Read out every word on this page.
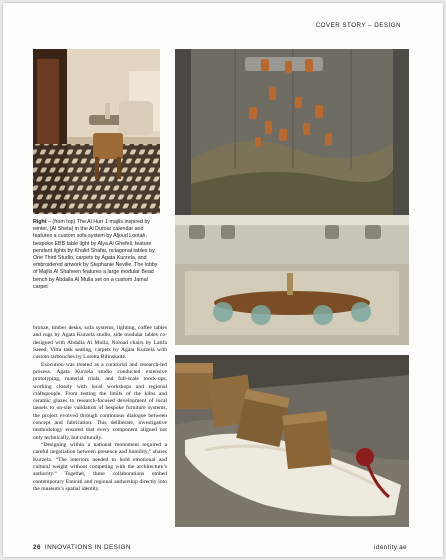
COVER STORY – DESIGN
Right – (from top) The Al Hurr 1 majlis inspired by winter, (Al Sheta) in the Al Durour calendar and features a custom sofa system by Aljoud Lootah, bespoke EBB table light by Alya Al Ghefeli, feature pendant lights by Khalid Shafar, octagonal tables by One Third Studio, carpets by Agata Kurzela, and embroidered artwork by Stephanie Neville. The lobby of Majlis Al Shaheen features a large modular Bead bench by Abdalla Al Mulla set on a custom Jamal carpet

bronze, timber desks, sofa systems, lighting, coffee tables and rugs by Agata Kurzela studio, side modular tables co-designed with Abdalla Al Mulla, Nomad chairs by Latifa Saeed, Vitra task seating, carpets by Agata Kurzela with custom tarbouches by Loretta Bilinskaite.

Execution was treated as a curatorial and research-led process. Agata Kurzela studio conducted extensive prototyping, material trials, and full-scale mock-ups, working closely with local workshops and regional craftspeople. From testing the limits of the kilns and ceramic glazes to research-focused development of local tassels to on-site validation of bespoke furniture systems, the project evolved through continuous dialogue between concept and fabrication. This deliberate, investigative methodology ensured that every component aligned not only technically, but culturally.

“Designing within a national monument required a careful negotiation between presence and humility,” shares Kurzela. “The interiors needed to hold emotional and cultural weight without competing with the architecture’s authority.” Together, these collaborations embed contemporary Emirati and regional authorship directly into the museum’s spatial identity.

26 INNOVATIONS IN DESIGN	identity.ae
